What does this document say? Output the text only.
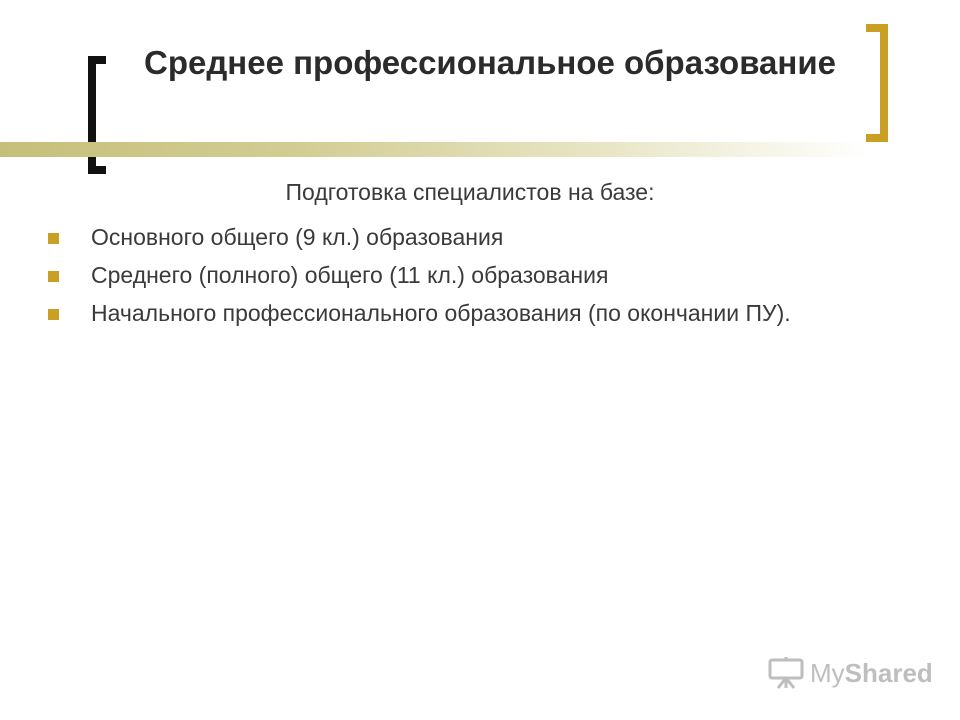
Среднее профессиональное образование
Подготовка специалистов на базе:
Основного общего (9 кл.) образования
Среднего (полного) общего (11 кл.) образования
Начального профессионального образования (по окончании ПУ).
MyShared
